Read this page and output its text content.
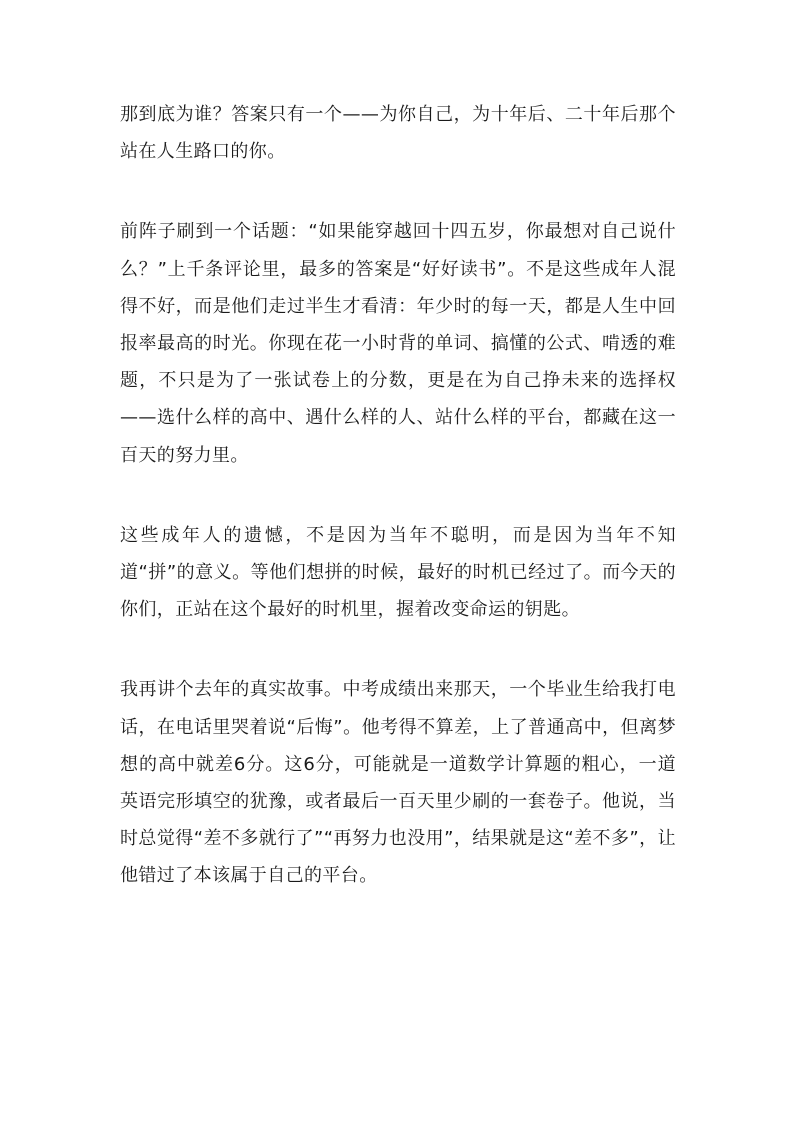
那到底为谁？答案只有一个——为你自己，为十年后、二十年后那个站在人生路口的你。

前阵子刷到一个话题：“如果能穿越回十四五岁，你最想对自己说什么？”上千条评论里，最多的答案是“好好读书”。不是这些成年人混得不好，而是他们走过半生才看清：年少时的每一天，都是人生中回报率最高的时光。你现在花一小时背的单词、搞懂的公式、啃透的难题，不只是为了一张试卷上的分数，更是在为自己挣未来的选择权——选什么样的高中、遇什么样的人、站什么样的平台，都藏在这一百天的努力里。

这些成年人的遗憾，不是因为当年不聪明，而是因为当年不知道“拼”的意义。等他们想拼的时候，最好的时机已经过了。而今天的你们，正站在这个最好的时机里，握着改变命运的钥匙。

我再讲个去年的真实故事。中考成绩出来那天，一个毕业生给我打电话，在电话里哭着说“后悔”。他考得不算差，上了普通高中，但离梦想的高中就差6分。这6分，可能就是一道数学计算题的粗心，一道英语完形填空的犹豫，或者最后一百天里少刷的一套卷子。他说，当时总觉得“差不多就行了”“再努力也没用”，结果就是这“差不多”，让他错过了本该属于自己的平台。
